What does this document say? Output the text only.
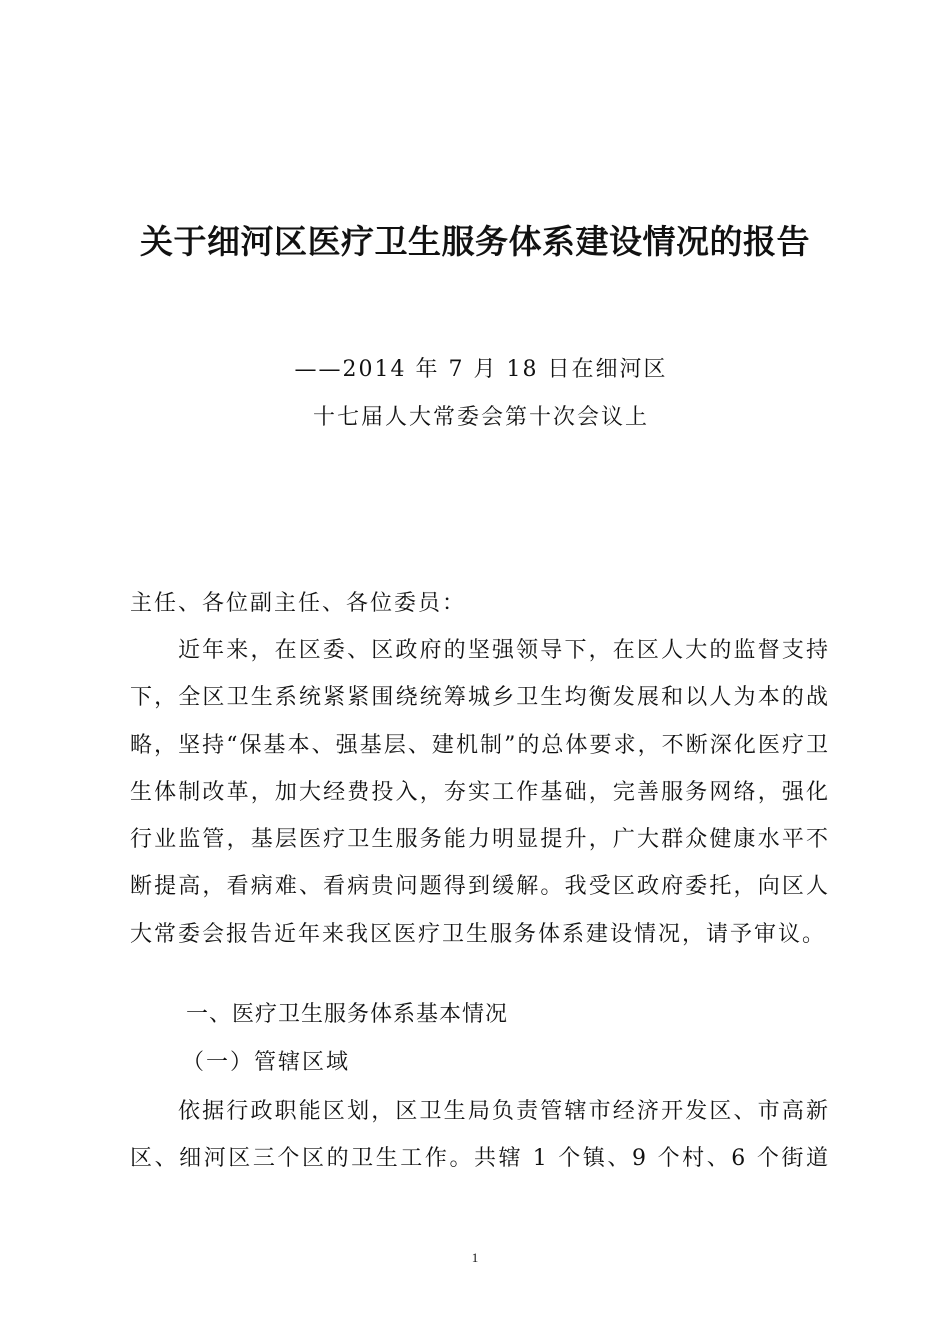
关于细河区医疗卫生服务体系建设情况的报告
——2014 年 7 月 18 日在细河区
十七届人大常委会第十次会议上
主任、各位副主任、各位委员：
近年来，在区委、区政府的坚强领导下，在区人大的监督支持下，全区卫生系统紧紧围绕统筹城乡卫生均衡发展和以人为本的战略，坚持“保基本、强基层、建机制”的总体要求，不断深化医疗卫生体制改革，加大经费投入，夯实工作基础，完善服务网络，强化行业监管，基层医疗卫生服务能力明显提升，广大群众健康水平不断提高，看病难、看病贵问题得到缓解。我受区政府委托，向区人大常委会报告近年来我区医疗卫生服务体系建设情况，请予审议。
一、医疗卫生服务体系基本情况
（一）管辖区域
依据行政职能区划，区卫生局负责管辖市经济开发区、市高新区、细河区三个区的卫生工作。共辖 1 个镇、9 个村、6 个街道
1
